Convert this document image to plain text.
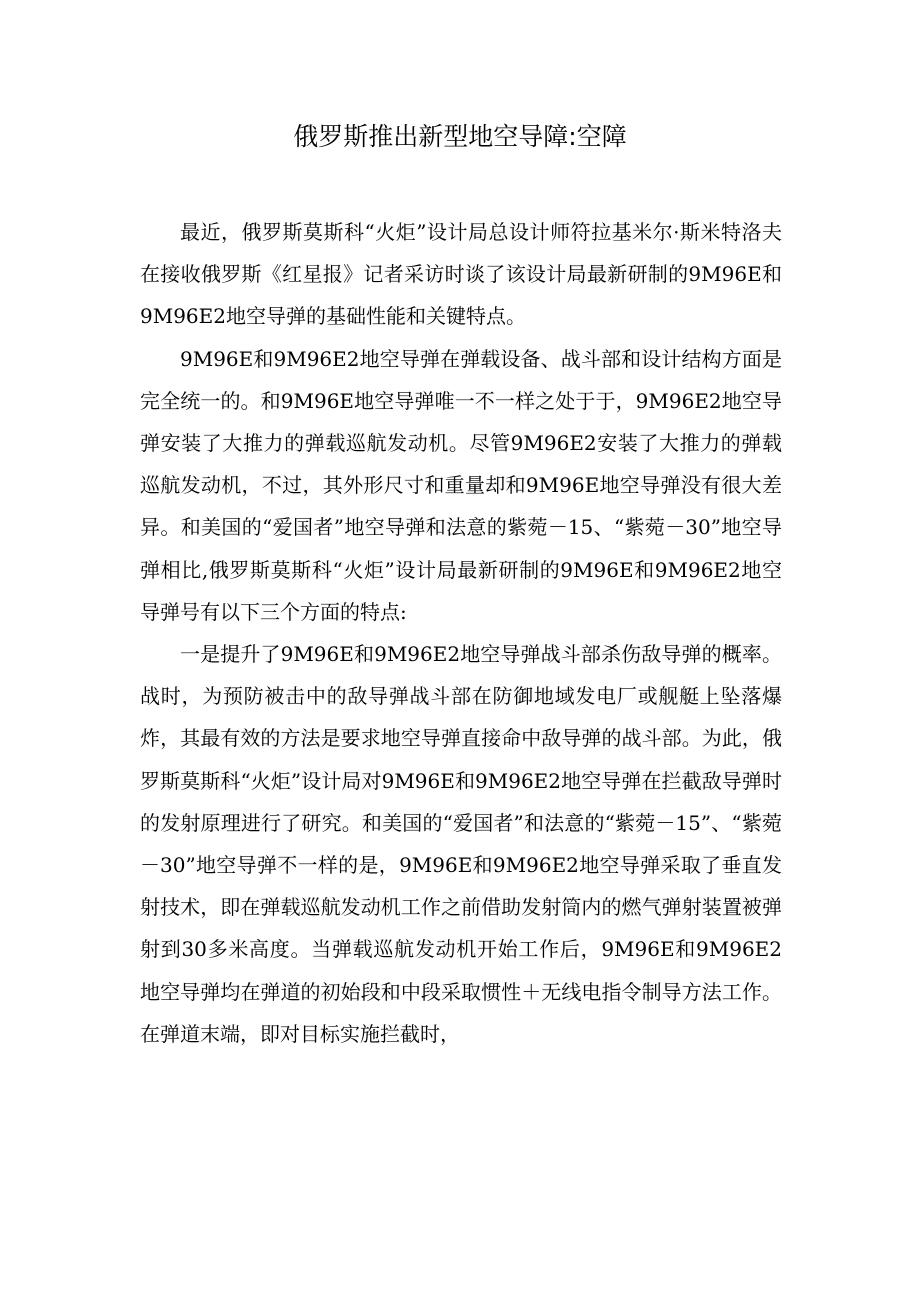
俄罗斯推出新型地空导障:空障

最近，俄罗斯莫斯科“火炬”设计局总设计师符拉基米尔·斯米特洛夫在接收俄罗斯《红星报》记者采访时谈了该设计局最新研制的9M96E和9M96E2地空导弹的基础性能和关键特点。

9M96E和9M96E2地空导弹在弹载设备、战斗部和设计结构方面是完全统一的。和9M96E地空导弹唯一不一样之处于于，9M96E2地空导弹安装了大推力的弹载巡航发动机。尽管9M96E2安装了大推力的弹载巡航发动机，不过，其外形尺寸和重量却和9M96E地空导弹没有很大差异。和美国的“爱国者”地空导弹和法意的紫菀－15、“紫菀－30”地空导弹相比,俄罗斯莫斯科“火炬”设计局最新研制的9M96E和9M96E2地空导弹号有以下三个方面的特点:

一是提升了9M96E和9M96E2地空导弹战斗部杀伤敌导弹的概率。战时，为预防被击中的敌导弹战斗部在防御地域发电厂或舰艇上坠落爆炸，其最有效的方法是要求地空导弹直接命中敌导弹的战斗部。为此，俄罗斯莫斯科“火炬”设计局对9M96E和9M96E2地空导弹在拦截敌导弹时的发射原理进行了研究。和美国的“爱国者”和法意的“紫菀－15”、“紫菀－30”地空导弹不一样的是，9M96E和9M96E2地空导弹采取了垂直发射技术，即在弹载巡航发动机工作之前借助发射筒内的燃气弹射装置被弹射到30多米高度。当弹载巡航发动机开始工作后，9M96E和9M96E2地空导弹均在弹道的初始段和中段采取惯性＋无线电指令制导方法工作。在弹道末端，即对目标实施拦截时，
